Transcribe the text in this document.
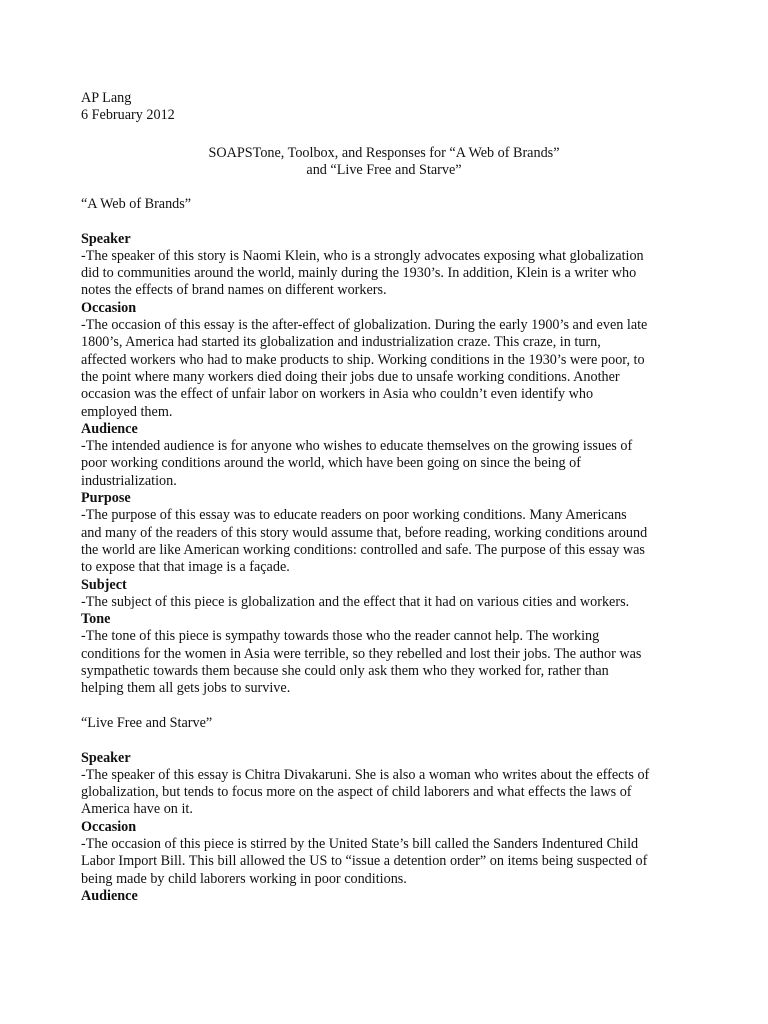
AP Lang
6 February 2012
SOAPSTone, Toolbox, and Responses for “A Web of Brands”
and “Live Free and Starve”
“A Web of Brands”
Speaker
-The speaker of this story is Naomi Klein, who is a strongly advocates exposing what globalization
did to communities around the world, mainly during the 1930’s. In addition, Klein is a writer who
notes the effects of brand names on different workers.
Occasion
-The occasion of this essay is the after-effect of globalization. During the early 1900’s and even late
1800’s, America had started its globalization and industrialization craze. This craze, in turn,
affected workers who had to make products to ship. Working conditions in the 1930’s were poor, to
the point where many workers died doing their jobs due to unsafe working conditions. Another
occasion was the effect of unfair labor on workers in Asia who couldn’t even identify who
employed them.
Audience
-The intended audience is for anyone who wishes to educate themselves on the growing issues of
poor working conditions around the world, which have been going on since the being of
industrialization.
Purpose
-The purpose of this essay was to educate readers on poor working conditions. Many Americans
and many of the readers of this story would assume that, before reading, working conditions around
the world are like American working conditions: controlled and safe. The purpose of this essay was
to expose that that image is a façade.
Subject
-The subject of this piece is globalization and the effect that it had on various cities and workers.
Tone
-The tone of this piece is sympathy towards those who the reader cannot help. The working
conditions for the women in Asia were terrible, so they rebelled and lost their jobs. The author was
sympathetic towards them because she could only ask them who they worked for, rather than
helping them all gets jobs to survive.
“Live Free and Starve”
Speaker
-The speaker of this essay is Chitra Divakaruni. She is also a woman who writes about the effects of
globalization, but tends to focus more on the aspect of child laborers and what effects the laws of
America have on it.
Occasion
-The occasion of this piece is stirred by the United State’s bill called the Sanders Indentured Child
Labor Import Bill. This bill allowed the US to “issue a detention order” on items being suspected of
being made by child laborers working in poor conditions.
Audience
